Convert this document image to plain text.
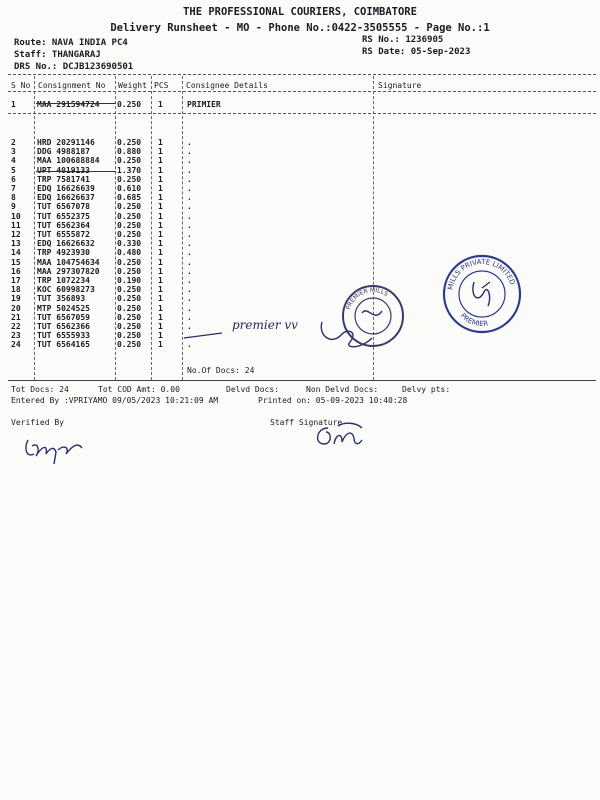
THE PROFESSIONAL COURIERS, COIMBATORE
Delivery Runsheet - MO - Phone No.:0422-3505555 - Page No.:1
Route: NAVA INDIA PC4
Staff: THANGARAJ
DRS No.: DCJB123690501
RS No.: 1236905
RS Date: 05-Sep-2023
S No Consignment No Weight PCS Consignee Details	Signature
1	MAA 291594724 0.250 1	PRIMIER
2	HRD 20291146	0.250 1	.
3	DDG 4988187	0.880 1	.
4	MAA 100688884 0.250 1	.
5	UPT 4019133	1.370 1	.
6	TRP 7581741	0.250 1	.
7	EDQ 16626639	0.610 1	.
8	EDQ 16626637	0.685 1	.
9	TUT 6567078	0.250 1	.
10 TUT 6552375	0.250 1	.
11 TUT 6562364	0.250 1	.
12 TUT 6555872	0.250 1	.
13 EDQ 16626632	0.330 1	.
14 TRP 4923930	0.480 1	.
15 MAA 104754634 0.250 1	.
16 MAA 297307820 0.250 1	.
17 TRP 1072234	0.190 1	.
18 KOC 60998273	0.250 1	.
19 TUT 356893	0.250 1	.
20 MTP 5024525	0.250 1	.
21 TUT 6567059	0.250 1	.
22 TUT 6562366	0.250 1	.
23 TUT 6555933	0.250 1	.
24 TUT 6564165	0.250 1	.
No.Of Docs: 24
Tot Docs: 24	Tot COD Amt: 0.00	Delvd Docs:	Non Delvd Docs:	Delvy pts:
Entered By :VPRIYAMO 09/05/2023 10:21:09 AM	Printed on: 05-09-2023 10:40:28
Verified By	Staff Signature
premier vv
PREMIER MILLS
MILLS PRIVATE LIMITED
PREMIER
